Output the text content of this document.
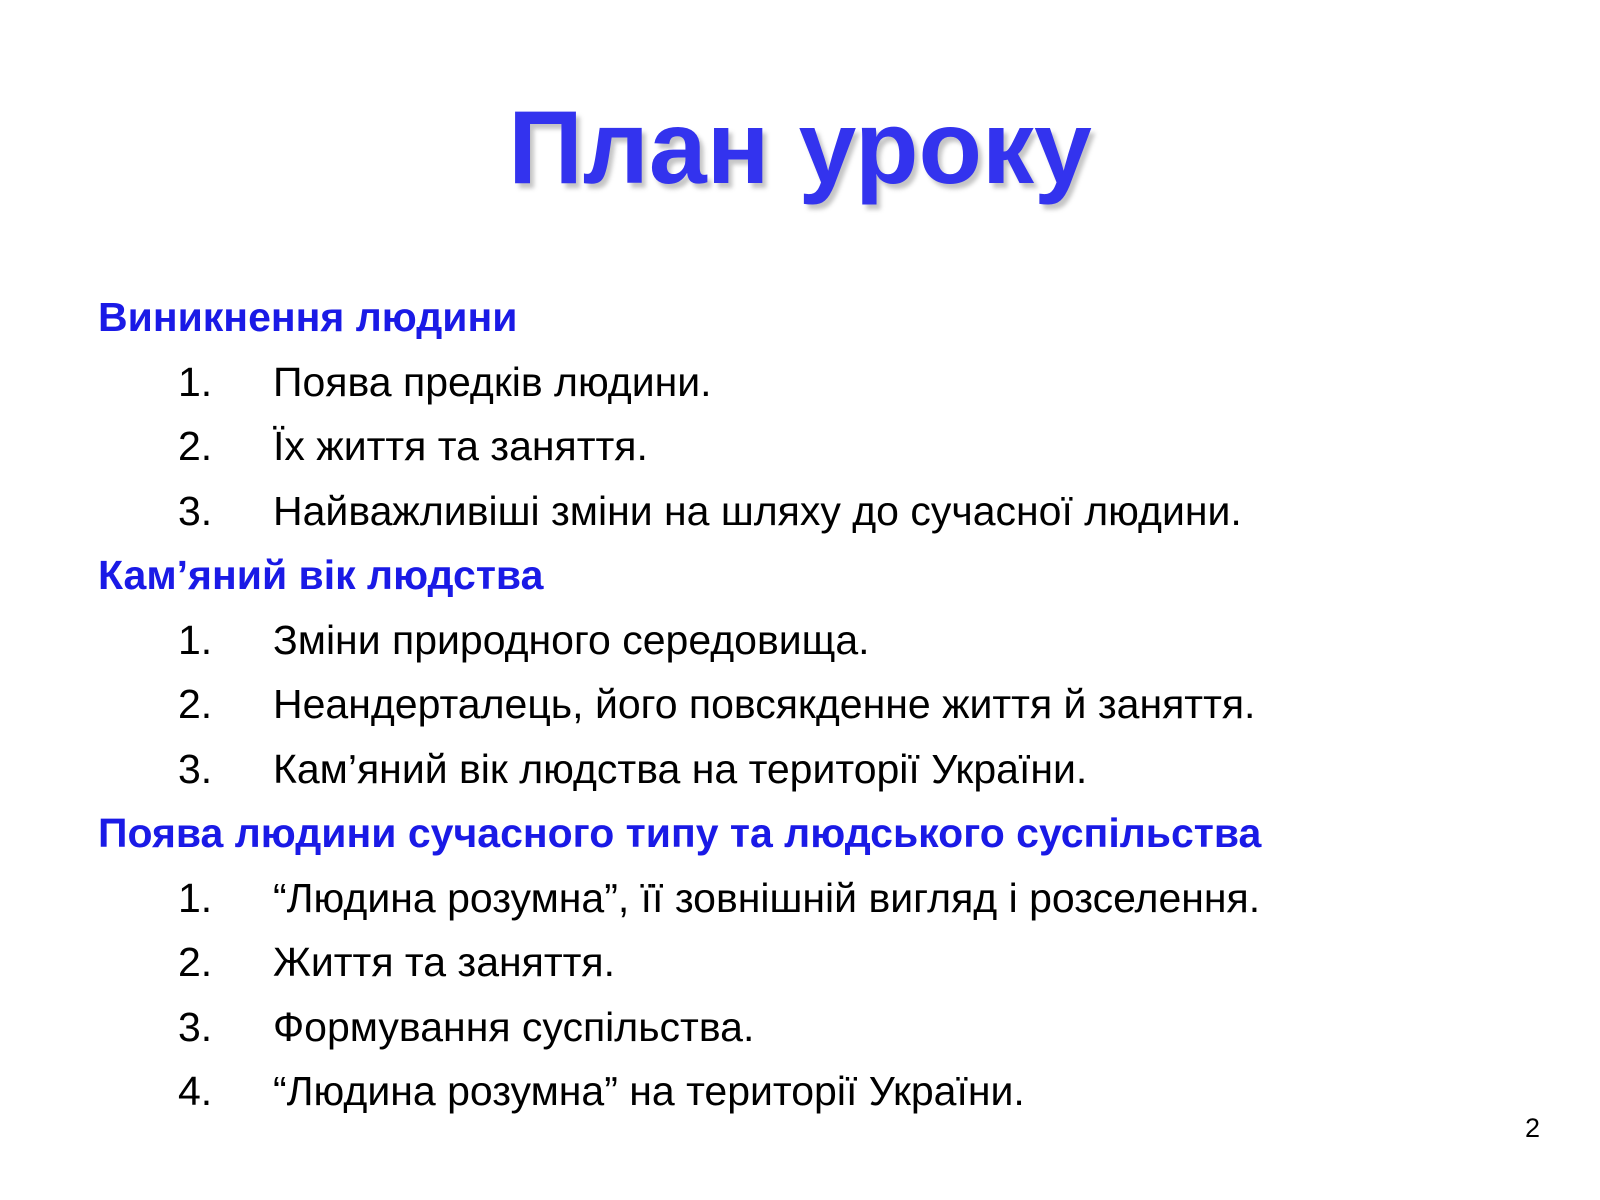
План уроку
Виникнення людини
1. Поява предків людини.
2. Їх життя та заняття.
3. Найважливіші зміни на шляху до сучасної людини.
Кам’яний вік людства
1. Зміни природного середовища.
2. Неандерталець, його повсякденне життя й заняття.
3. Кам’яний вік людства на території України.
Поява людини сучасного типу та людського суспільства
1. “Людина розумна”, її зовнішній вигляд і розселення.
2. Життя та заняття.
3. Формування суспільства.
4. “Людина розумна” на території України.
2
